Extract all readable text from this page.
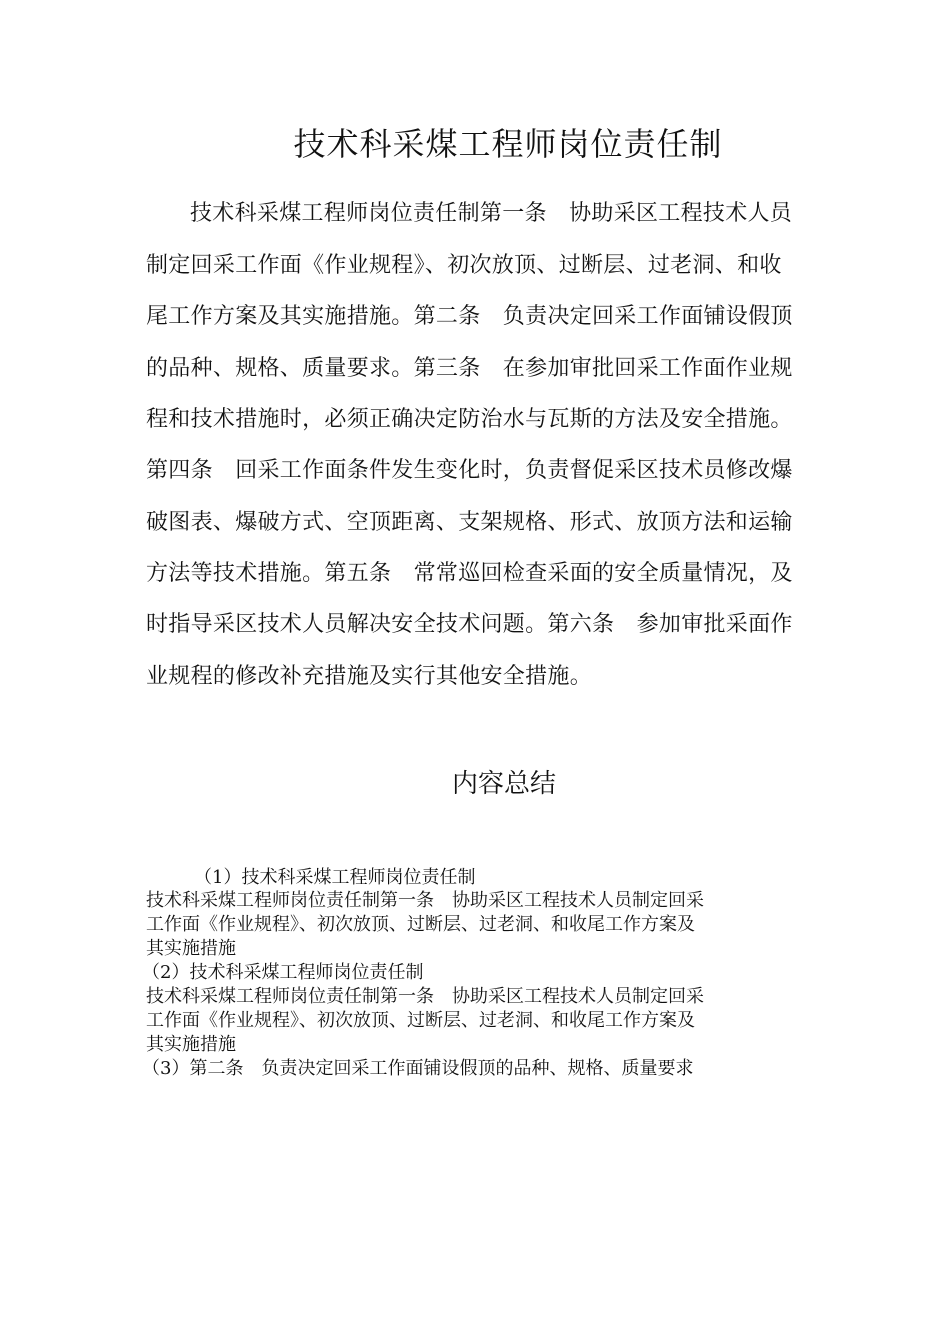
技术科采煤工程师岗位责任制
技术科采煤工程师岗位责任制第一条　协助采区工程技术人员
制定回采工作面《作业规程》、初次放顶、过断层、过老洞、和收
尾工作方案及其实施措施。第二条　负责决定回采工作面铺设假顶
的品种、规格、质量要求。第三条　在参加审批回采工作面作业规
程和技术措施时，必须正确决定防治水与瓦斯的方法及安全措施。
第四条　回采工作面条件发生变化时，负责督促采区技术员修改爆
破图表、爆破方式、空顶距离、支架规格、形式、放顶方法和运输
方法等技术措施。第五条　常常巡回检查采面的安全质量情况，及
时指导采区技术人员解决安全技术问题。第六条　参加审批采面作
业规程的修改补充措施及实行其他安全措施。
内容总结
（1）技术科采煤工程师岗位责任制
技术科采煤工程师岗位责任制第一条　协助采区工程技术人员制定回采
工作面《作业规程》、初次放顶、过断层、过老洞、和收尾工作方案及
其实施措施
（2）技术科采煤工程师岗位责任制
技术科采煤工程师岗位责任制第一条　协助采区工程技术人员制定回采
工作面《作业规程》、初次放顶、过断层、过老洞、和收尾工作方案及
其实施措施
（3）第二条　负责决定回采工作面铺设假顶的品种、规格、质量要求
